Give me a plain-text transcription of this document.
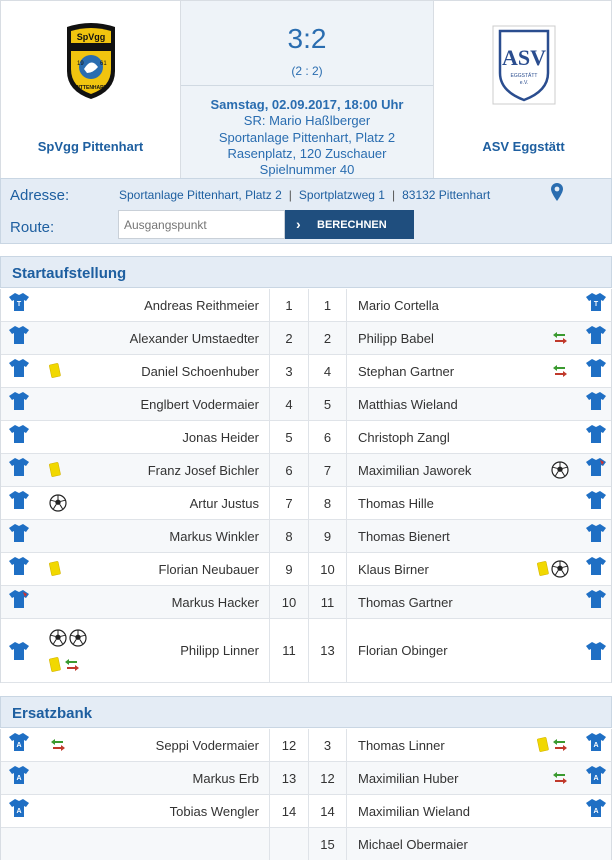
SpVgg
19	61
PITTENHART
SpVgg Pittenhart
3:2
(2 : 2)
Samstag, 02.09.2017, 18:00 Uhr
SR: Mario Haßlberger
Sportanlage Pittenhart, Platz 2
Rasenplatz, 120 Zuschauer
Spielnummer 40
ASV
EGGSTÄTT
e.V.
ASV Eggstätt
Adresse:	Sportanlage Pittenhart, Platz 2 | Sportplatzweg 1 | 83132 Pittenhart
Route:
Ausgangspunkt	› BERECHNEN
Startaufstellung
T	Andreas Reithmeier 1 1 Mario Cortella	T
Alexander Umstaedter 2 2 Philipp Babel
Daniel Schoenhuber 3 4 Stephan Gartner
Englbert Vodermaier 4 5 Matthias Wieland
Jonas Heider 5 6 Christoph Zangl
Franz Josef Bichler 6 7 Maximilian Jaworek
Artur Justus 7 8 Thomas Hille
Markus Winkler 8 9 Thomas Bienert
Florian Neubauer 9 10 Klaus Birner
Markus Hacker 10 11 Thomas Gartner
Philipp Linner 11 13 Florian Obinger
Ersatzbank
A	Seppi Vodermaier 12 3 Thomas Linner	A
A	Markus Erb 13 12 Maximilian Huber	A
A	Tobias Wengler 14 14 Maximilian Wieland	A
15 Michael Obermaier
